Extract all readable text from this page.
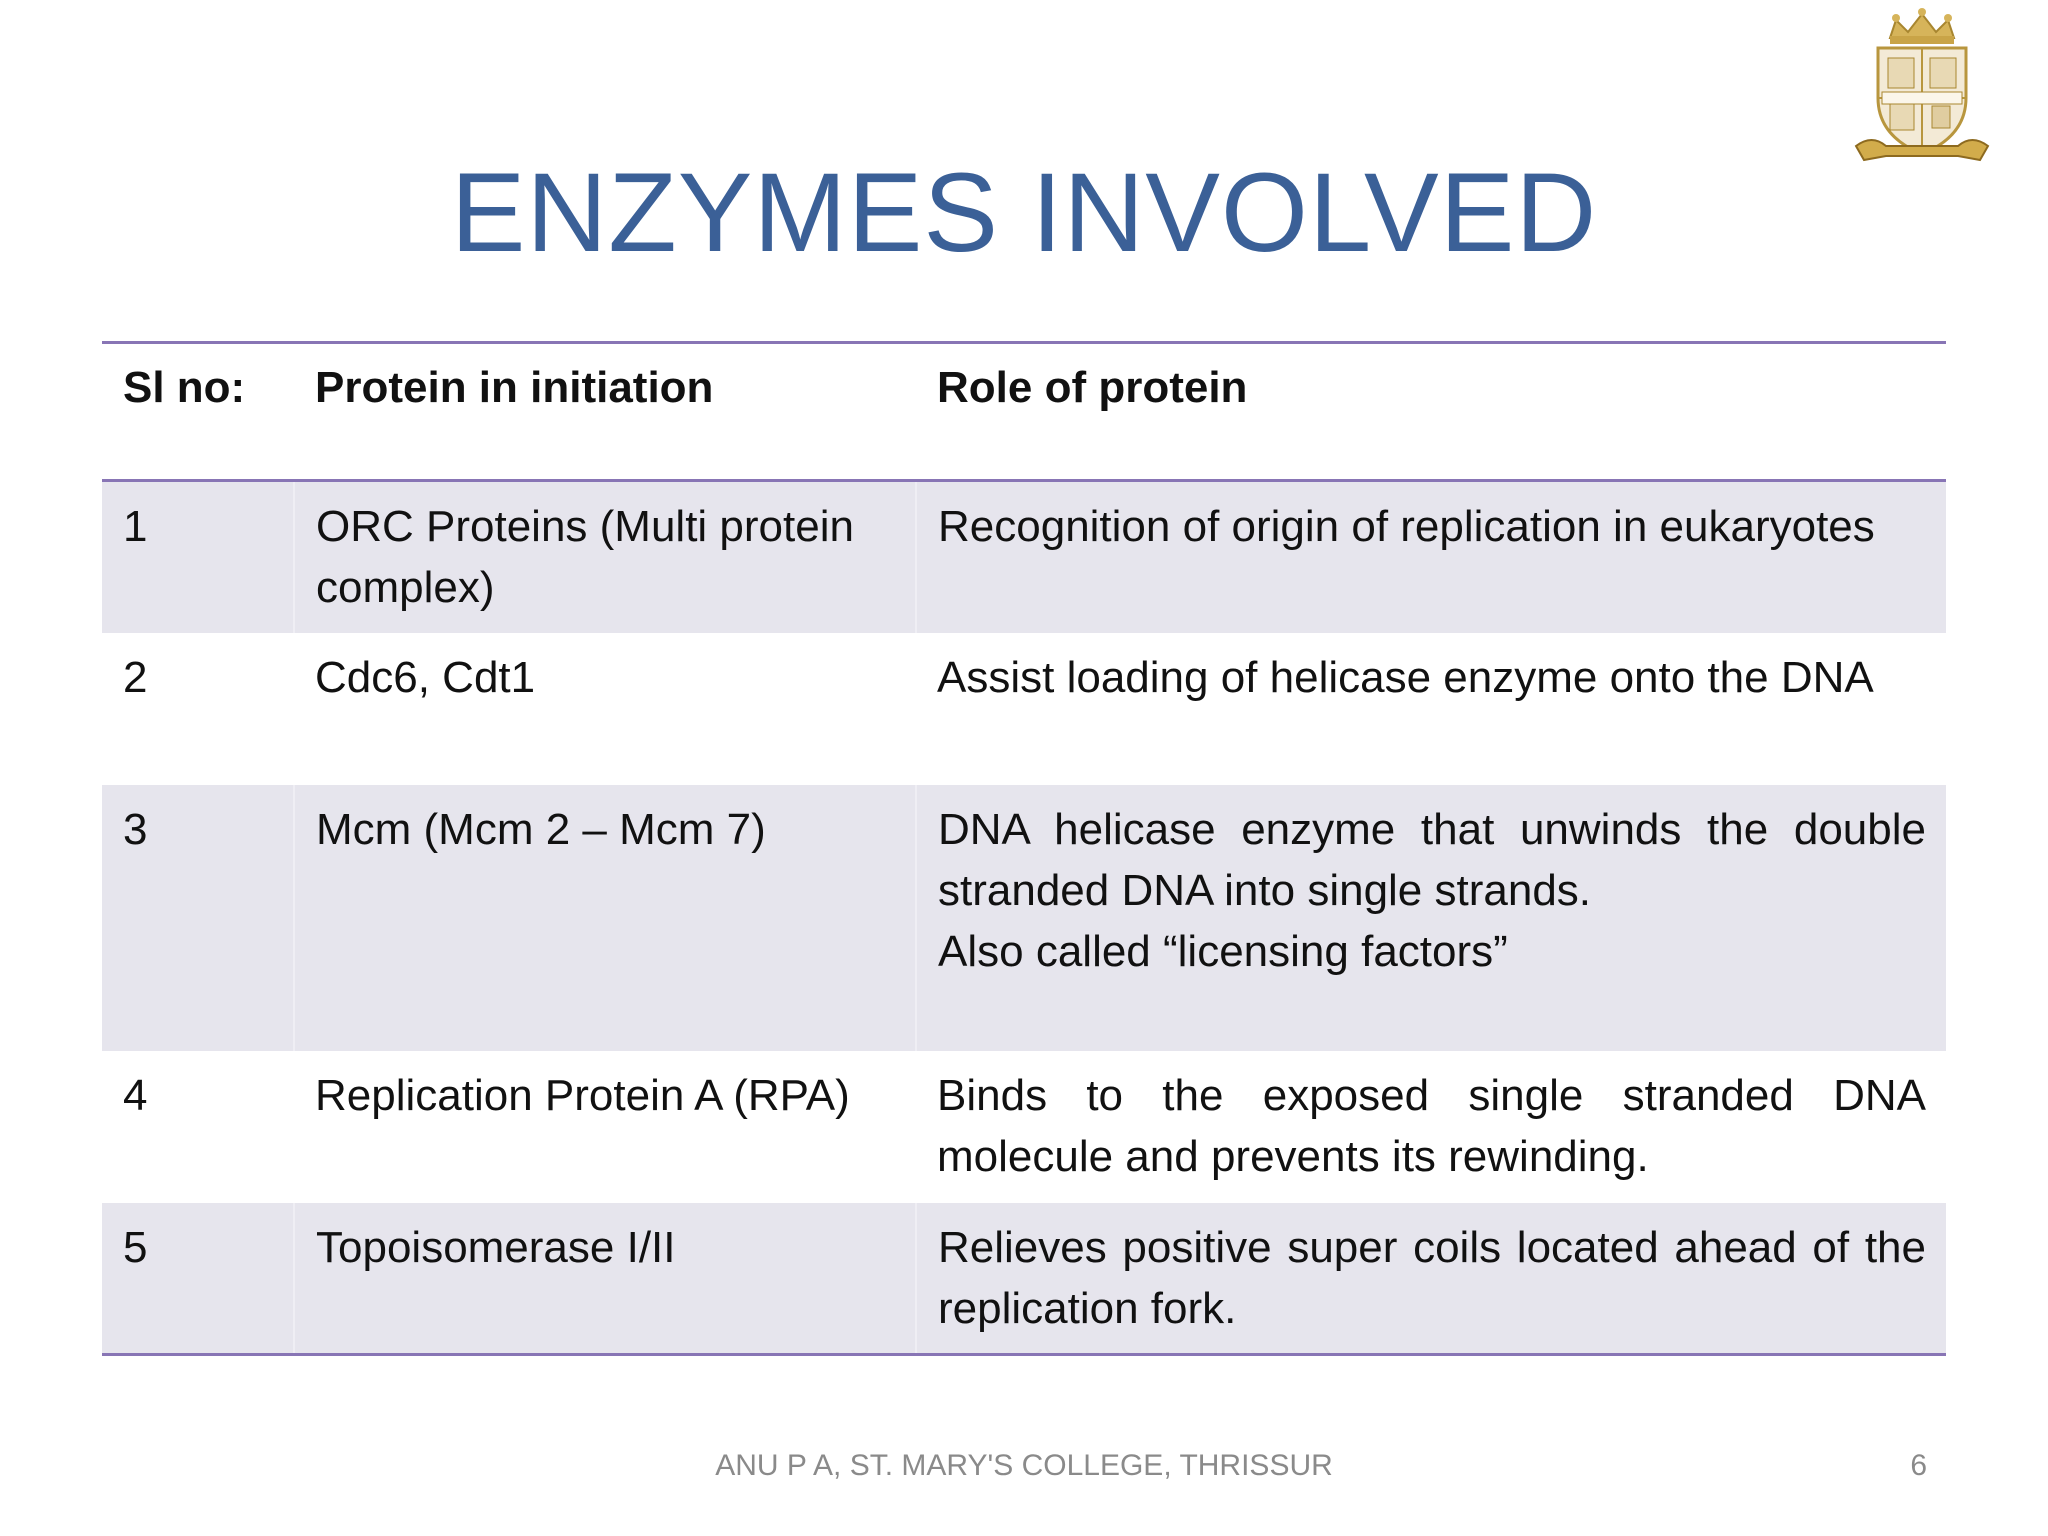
ENZYMES INVOLVED
Sl no:	Protein in initiation	Role of protein
1	ORC Proteins (Multi protein complex)	Recognition of origin of replication in eukaryotes
2	Cdc6, Cdt1	Assist loading of helicase enzyme onto the DNA
3	Mcm (Mcm 2 – Mcm 7)	DNA helicase enzyme that unwinds the double stranded DNA into single strands.
Also called “licensing factors”

4	Replication Protein A (RPA)	Binds to the exposed single stranded DNA molecule and prevents its rewinding.
5	Topoisomerase I/II	Relieves positive super coils located ahead of the replication fork.
ANU P A, ST. MARY'S COLLEGE, THRISSUR	6
